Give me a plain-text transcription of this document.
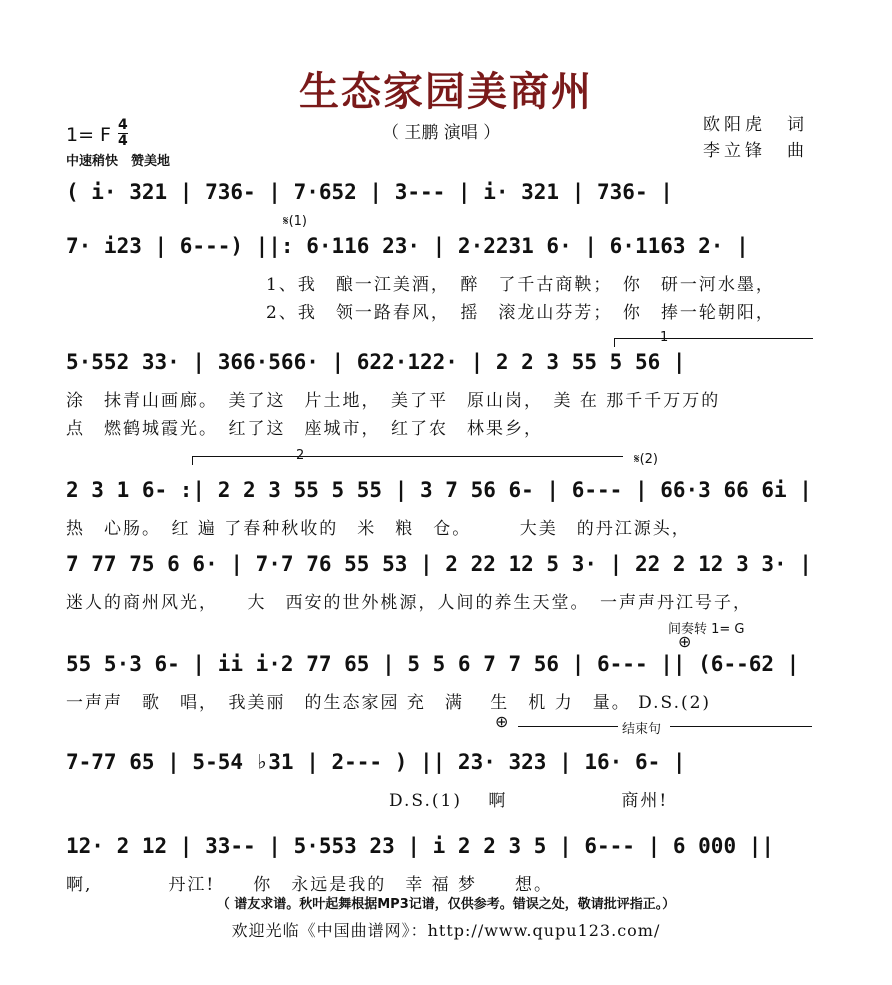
生态家园美商州
（ 王鹏 演唱 ）	欧阳虎　词
李立锋　曲
1= F $\frac{4}{4}$
中速稍快　赞美地
( i· 321 | 736- | 7·652 | 3--- | i· 321 | 736- |
𝄋(1)
7· i23 | 6---) ||: 6·116 23· | 2·2231 6· | 6·1163 2· |
1、我　酿一江美酒，　醉　了千古商鞅；　你　研一河水墨，
2、我　领一路春风，　摇　滚龙山芬芳；　你　捧一轮朝阳，
1
5·552 33· | 366·566· | 622·122· | 2 2 3 55 5 56 |
涂　抹青山画廊。　美了这　片土地，　美了平　原山岗，　美 在 那千千万万的
点　燃鹤城霞光。　红了这　座城市，　红了农　林果乡，
2	𝄋(2)
2 3 1 6- :| 2 2 3 55 5 55 | 3 7 56 6- | 6--- | 66·3 66 6i |
热　心肠。　红 遍 了春种秋收的　米　粮　仓。　　　大美　的丹江源头，
7 77 75 6 6· | 7·7 76 55 53 | 2 22 12 5 3· | 22 2 12 3 3· |
迷人的商州风光，　　大　西安的世外桃源，人间的养生天堂。　一声声丹江号子，
间奏转 1= G
⊕
55 5·3 6- | ii i·2 77 65 | 5 5 6 7 7 56 | 6--- || (6--62 |
一声声　歌　唱，　我美丽　的生态家园 充　满　 生　机 力　量。 D.S.(2)
⊕	结束句
7-77 65 | 5-54 ♭31 | 2--- ) || 23· 323 | 16· 6- |
　　　　　　　　　　　　　　　　　D.S.(1)　 啊　　　　　　商州!
12· 2 12 | 33-- | 5·553 23 | i 2 2 3 5 | 6--- | 6 000 ||
啊,　　　　丹江!　　你　永远是我的　幸 福 梦　　想。
（ 谱友求谱。秋叶起舞根据MP3记谱，仅供参考。错误之处，敬请批评指正。）
欢迎光临《中国曲谱网》：http://www.qupu123.com/
